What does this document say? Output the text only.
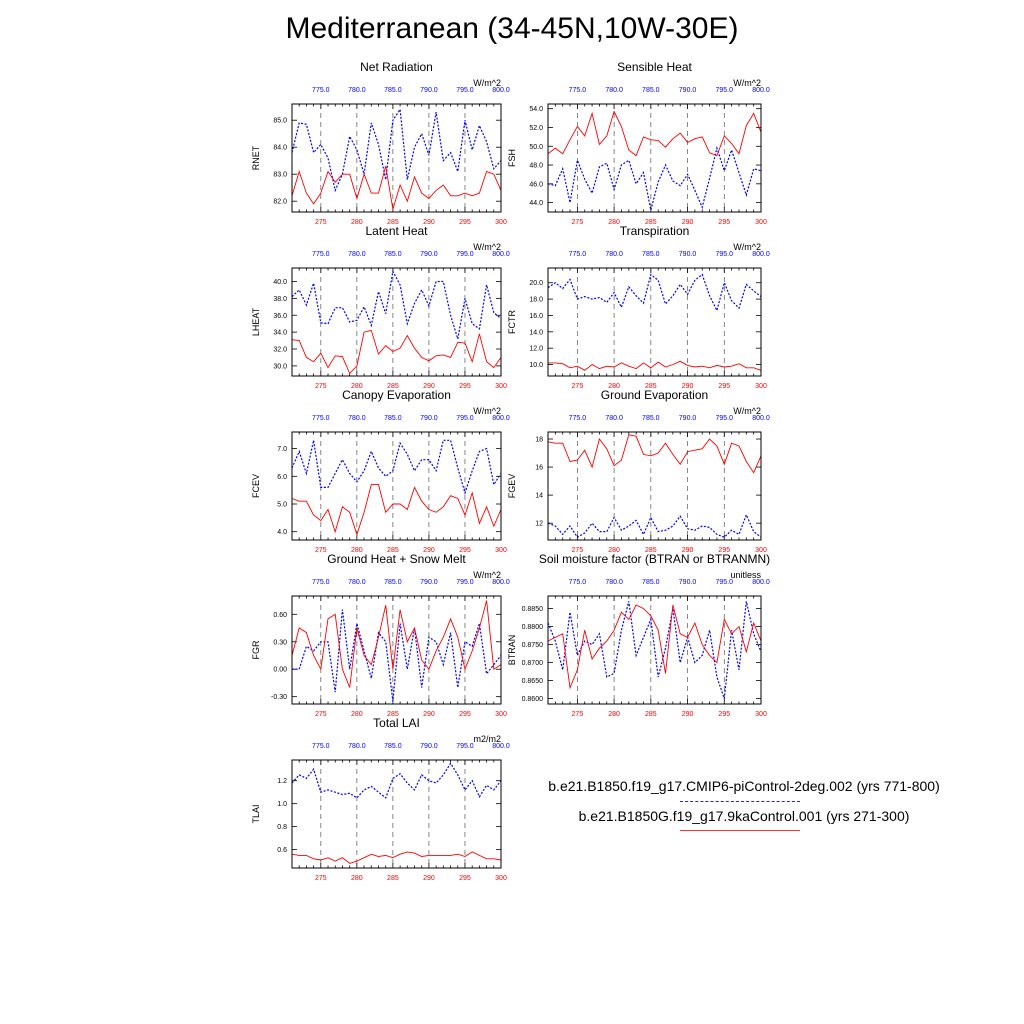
Mediterranean (34-45N,10W-30E)
Net Radiation
W/m^2
RNET
275	280	285	290	295	300
775.0	780.0	785.0	790.0	795.0	800.0
82.0
83.0
84.0
85.0
Sensible Heat
W/m^2
FSH
275	280	285	290	295	300
775.0	780.0	785.0	790.0	795.0	800.0
44.0
46.0
48.0
50.0
52.0
54.0
Latent Heat
W/m^2
LHEAT
275	280	285	290	295	300
775.0	780.0	785.0	790.0	795.0	800.0
30.0
32.0
34.0
36.0
38.0
40.0
Transpiration
W/m^2
FCTR
275	280	285	290	295	300
775.0	780.0	785.0	790.0	795.0	800.0
10.0
12.0
14.0
16.0
18.0
20.0
Canopy Evaporation
W/m^2
FCEV
275	280	285	290	295	300
775.0	780.0	785.0	790.0	795.0	800.0
4.0
5.0
6.0
7.0
Ground Evaporation
W/m^2
FGEV
275	280	285	290	295	300
775.0	780.0	785.0	790.0	795.0	800.0
12
14
16
18
Ground Heat + Snow Melt
W/m^2
FGR
275	280	285	290	295	300
775.0	780.0	785.0	790.0	795.0	800.0
-0.30
0.00
0.30
0.60
Soil moisture factor (BTRAN or BTRANMN)
unitless
BTRAN
275	280	285	290	295	300
775.0	780.0	785.0	790.0	795.0	800.0
0.8600
0.8650
0.8700
0.8750
0.8800
0.8850
Total LAI
m2/m2
TLAI
275	280	285	290	295	300
775.0	780.0	785.0	790.0	795.0	800.0
0.6
0.8
1.0
1.2	b.e21.B1850.f19_g17.CMIP6-piControl-2deg.002 (yrs 771-800)
b.e21.B1850G.f19_g17.9kaControl.001 (yrs 271-300)
